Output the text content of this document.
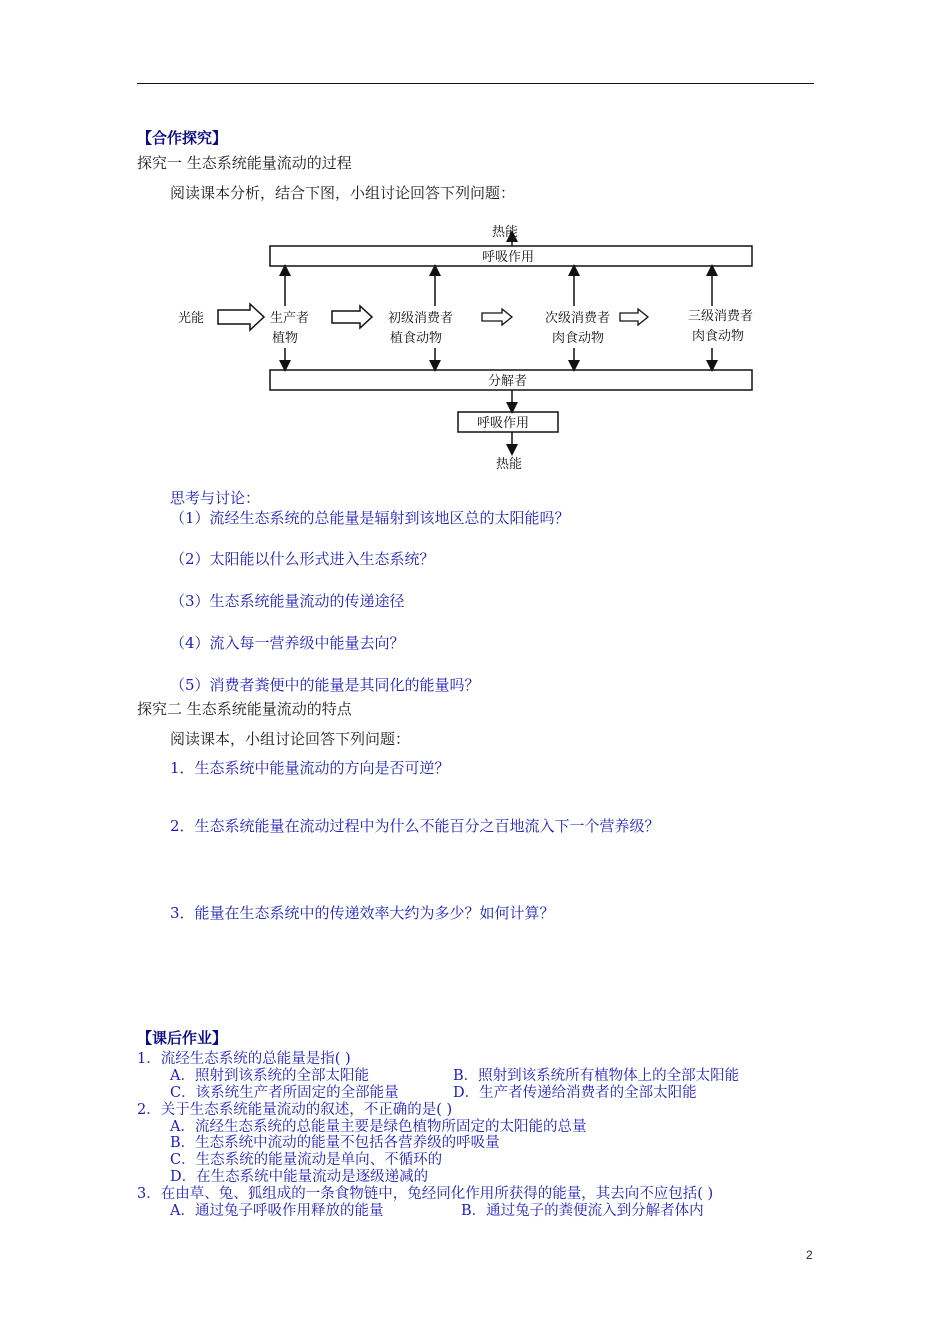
【合作探究】
探究一 生态系统能量流动的过程
阅读课本分析，结合下图，小组讨论回答下列问题：
热能
呼吸作用
光能	生产者
植物
初级消费者
植食动物
次级消费者
肉食动物
三级消费者
肉食动物
分解者
呼吸作用
热能
思考与讨论：
（1）流经生态系统的总能量是辐射到该地区总的太阳能吗？
（2）太阳能以什么形式进入生态系统？
（3）生态系统能量流动的传递途径
（4）流入每一营养级中能量去向？
（5）消费者粪便中的能量是其同化的能量吗？
探究二 生态系统能量流动的特点
阅读课本，小组讨论回答下列问题：
1．生态系统中能量流动的方向是否可逆？
2．生态系统能量在流动过程中为什么不能百分之百地流入下一个营养级？
3．能量在生态系统中的传递效率大约为多少？如何计算？
【课后作业】
1．流经生态系统的总能量是指( )
A．照射到该系统的全部太阳能	B．照射到该系统所有植物体上的全部太阳能
C．该系统生产者所固定的全部能量	D．生产者传递给消费者的全部太阳能
2．关于生态系统能量流动的叙述，不正确的是( )
A．流经生态系统的总能量主要是绿色植物所固定的太阳能的总量
B．生态系统中流动的能量不包括各营养级的呼吸量
C．生态系统的能量流动是单向、不循环的
D．在生态系统中能量流动是逐级递减的
3．在由草、兔、狐组成的一条食物链中，兔经同化作用所获得的能量，其去向不应包括( )
A．通过兔子呼吸作用释放的能量	B．通过兔子的粪便流入到分解者体内
2
